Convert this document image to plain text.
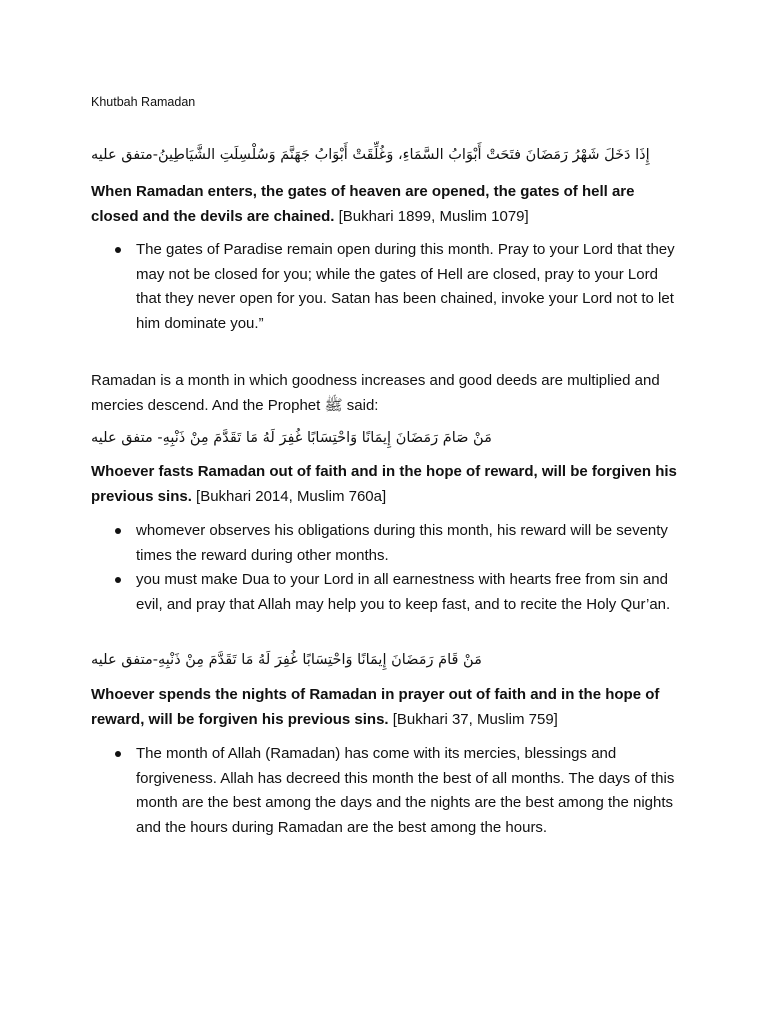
Khutbah Ramadan

إِذَا دَخَلَ شَهْرُ رَمَضَانَ فتَحَتْ أَبْوَابُ السَّمَاءِ، وَغُلِّقَتْ أَبْوَابُ جَهَنَّمَ وَسُلْسِلَتِ الشَّيَاطِينُ-متفق عليه

When Ramadan enters, the gates of heaven are opened, the gates of hell are closed and the devils are chained. [Bukhari 1899, Muslim 1079]

The gates of Paradise remain open during this month. Pray to your Lord that they may not be closed for you; while the gates of Hell are closed, pray to your Lord that they never open for you. Satan has been chained, invoke your Lord not to let him dominate you.”

Ramadan is a month in which goodness increases and good deeds are multiplied and mercies descend. And the Prophet ﷺ said:

مَنْ صَامَ رَمَضَانَ إِيمَانًا وَاحْتِسَابًا غُفِرَ لَهُ مَا تَقَدَّمَ مِنْ ذَنْبِهِ- متفق عليه

Whoever fasts Ramadan out of faith and in the hope of reward, will be forgiven his previous sins. [Bukhari 2014, Muslim 760a]

whomever observes his obligations during this month, his reward will be seventy times the reward during other months.
you must make Dua to your Lord in all earnestness with hearts free from sin and evil, and pray that Allah may help you to keep fast, and to recite the Holy Qur’an.

مَنْ قَامَ رَمَضَانَ إِيمَانًا وَاحْتِسَابًا غُفِرَ لَهُ مَا تَقَدَّمَ مِنْ ذَنْبِهِ-متفق عليه

Whoever spends the nights of Ramadan in prayer out of faith and in the hope of reward, will be forgiven his previous sins. [Bukhari 37, Muslim 759]

The month of Allah (Ramadan) has come with its mercies, blessings and forgiveness. Allah has decreed this month the best of all months. The days of this month are the best among the days and the nights are the best among the nights and the hours during Ramadan are the best among the hours.
